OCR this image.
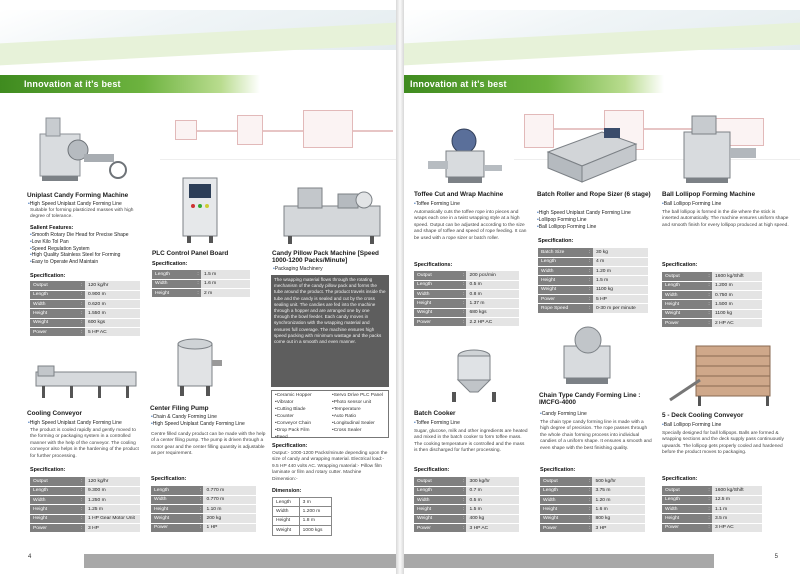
Innovation at it's best
Uniplast Candy Forming Machine
• High Speed Uniplast Candy Forming Line
Suitable for forming plasticized masses with high degree of tolerance.
Salient Features:
• Smooth Rotary Die Head for Precise Shape
• Low Kilo Tol Pan
• Speed Regulation System
• High Quality Stainless Steel for Forming
• Easy to Operate And Maintain
Specification:
Output	:	120 kg/hr
Length	:	0.900 m
Width	:	0.620 m
Height	:	1.550 m
Weight	:	600 kgs
Power	:	5 HP AC
PLC Control Panel Board
Specification:
Length	:	1.5 m
Width	:	1.6 m
Height	:	2 m
Candy Pillow Pack Machine [Speed 1000-1200 Packs/Minute]
• Packaging Machinery
The wrapping material flows through the rotating mechanism of the candy pillow pack and forms the tube around the product. The product travels inside the tube and the candy is sealed and cut by the cross sealing unit. The candies are fed into the machine through a hopper and are arranged one by one through the bowl feeder. Each candy moves in synchronization with the wrapping material and ensures full coverage. The machine ensures high speed packing with minimum wastage and the packs come out in a smooth and even manner.
• Ceramic Hopper
• Vibrator
• Cutting Blade
• Counter
• Conveyor Chain
• Drop Pack Film
• Feed
• Servo Drive PLC Panel
• Photo sensor unit
• Temperature
• Auto Ratio
• Longitudinal Sealer
• Cross Sealer
Specification:
Output:- 1000-1200 Packs/minute depending upon the size of candy and wrapping material. Electrical load:- 9.5 HP 440 volts AC. Wrapping material:- Pillow film laminate or film and rotary cutter. Machine Dimension:-
Dimension:
Length	3 m
Width	1.200 m
Height	1.8 m
Weight	1000 kgs
Center Filing Pump
• Chain & Candy Forming Line
• High Speed Uniplast Candy Forming Line
Centre filled candy product can be made with the help of a center filing pump. The pump is driven through a motor gear and the center filling quantity is adjustable as per requirement.
Specification:
Length	:	0.770 m
Width	:	0.770 m
Height	:	1.10 m
Weight	:	200 kg
Power	:	1 HP
Cooling Conveyor
• High Speed Uniplast Candy Forming Line
The product is cooled rapidly and gently moved to the forming or packaging system in a controlled manner with the help of the conveyor. The cooling conveyor also helps in the hardening of the product for further processing.
Specification:
Output	:	120 kg/hr
Length	:	9.300 m
Width	:	1.250 m
Height	:	1.25 m
Height	:	1 HP Gear Motor Unit
Power	:	3 HP
4
Innovation at it's best
Toffee Cut and Wrap Machine
• Toffee Forming Line
Automatically cuts the toffee rope into pieces and wraps each one in a twist wrapping style at a high speed. Output can be adjusted according to the size and shape of toffee and speed of rope feeding. It can be used with a rope sizer or batch roller.
Specifications:
Output	:	200 pcs/min
Length	:	0.5 m
Width	:	0.8 m
Height	:	1.37 m
Weight	:	680 kgs
Power	:	2.2 HP AC
Batch Roller and Rope Sizer (6 stage)
• High Speed Uniplast Candy Forming Line
• Lollipop Forming Line
• Ball Lollipop Forming Line
Specification:
Batch Size	:	30 kg
Length	:	4 m
Width	:	1.20 m
Height	:	1.5 m
Weight	:	1100 kg
Power	:	5 HP
Rope Speed	:	0-30 m per minute
Ball Lollipop Forming Machine
• Ball Lollipop Forming Line
The ball lollipop is formed in the die where the stick is inserted automatically. The machine ensures uniform shape and smooth finish for every lollipop produced at high speed.
Specification:
Output	:	1600 kg/Shift
Length	:	1.200 m
Width	:	0.750 m
Height	:	1.500 m
Weight	:	1100 kg
Power	:	2 HP AC
Batch Cooker
• Toffee Forming Line
Sugar, glucose, milk and other ingredients are heated and mixed in the batch cooker to form toffee mass. The cooking temperature is controlled and the mass is then discharged for further processing.
Specification:
Output	:	300 kg/hr
Length	:	0.7 m
Width	:	0.5 m
Height	:	1.5 m
Weight	:	400 kg
Power	:	3 HP AC
Chain Type Candy Forming Line : IMCFG-4000
• Candy Forming Line
The chain type candy forming line is made with a high degree of precision. The rope passes through the whole chain forming process into individual candies of a uniform shape. It ensures a smooth and even shape with the best finishing quality.
Specification:
Output	:	500 kg/hr
Length	:	3.75 m
Width	:	1.20 m
Height	:	1.6 m
Weight	:	800 kg
Power	:	3 HP
5 - Deck Cooling Conveyor
• Ball Lollipop Forming Line
Specially designed for ball lollipops. Balls are formed & wrapping sections and the deck supply pass continuously upwards. The lollipop gets properly cooled and hardened before the product moves to packaging.
Specification:
Output	:	1600 kg/Shift
Length	:	12.5 m
Width	:	1.1 m
Height	:	3.5 m
Power	:	3 HP AC
5
